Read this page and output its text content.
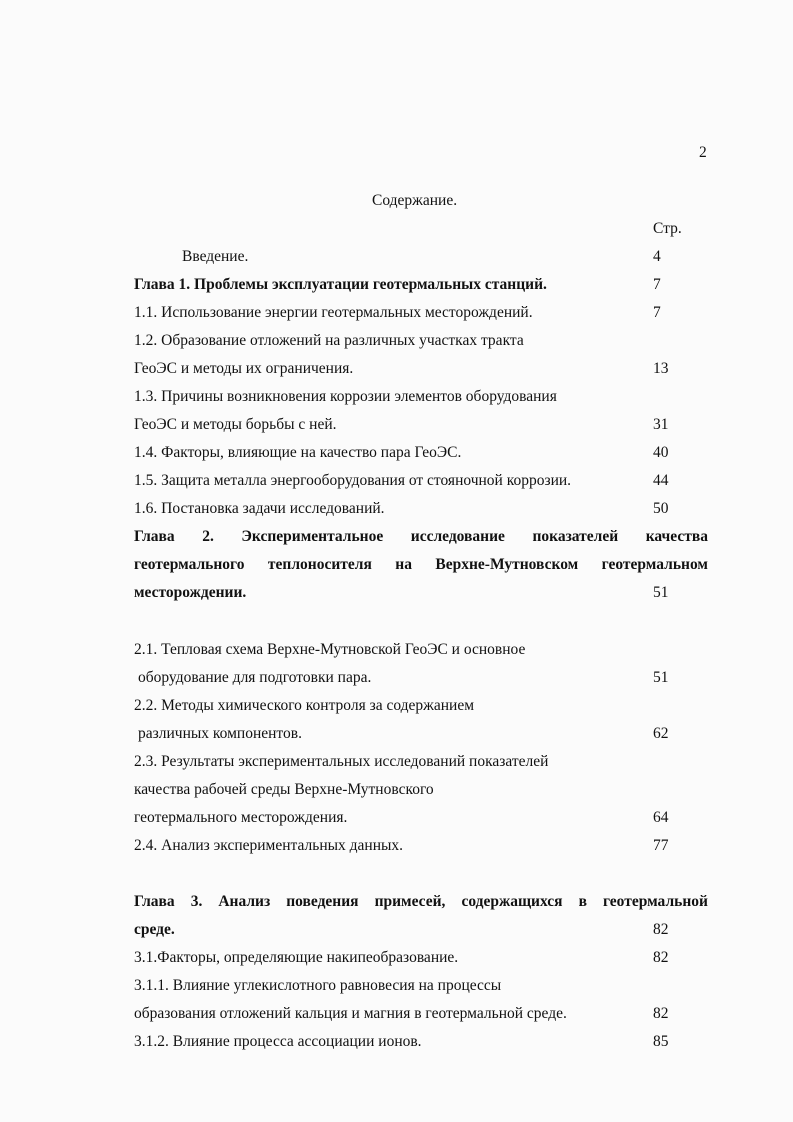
2
Содержание.
Стр.
Введение.	4
Глава 1. Проблемы эксплуатации геотермальных станций.	7
1.1. Использование энергии геотермальных месторождений.	7
1.2. Образование отложений на различных участках тракта
ГеоЭС и методы их ограничения.	13
1.3. Причины возникновения коррозии элементов оборудования
ГеоЭС и методы борьбы с ней.	31
1.4. Факторы, влияющие на качество пара ГеоЭС.	40
1.5. Защита металла энергооборудования от стояночной коррозии.	44
1.6. Постановка задачи исследований.	50
Глава 2. Экспериментальное исследование показателей качества
геотермального теплоносителя на Верхне-Мутновском геотермальном
месторождении.	51
2.1. Тепловая схема Верхне-Мутновской ГеоЭС и основное
оборудование для подготовки пара.	51
2.2. Методы химического контроля за содержанием
различных компонентов.	62
2.3. Результаты экспериментальных исследований показателей
качества рабочей среды Верхне-Мутновского
геотермального месторождения.	64
2.4. Анализ экспериментальных данных.	77
Глава 3. Анализ поведения примесей, содержащихся в геотермальной
среде.	82
3.1.Факторы, определяющие накипеобразование.	82
3.1.1. Влияние углекислотного равновесия на процессы
образования отложений кальция и магния в геотермальной среде.	82
3.1.2. Влияние процесса ассоциации ионов.	85
